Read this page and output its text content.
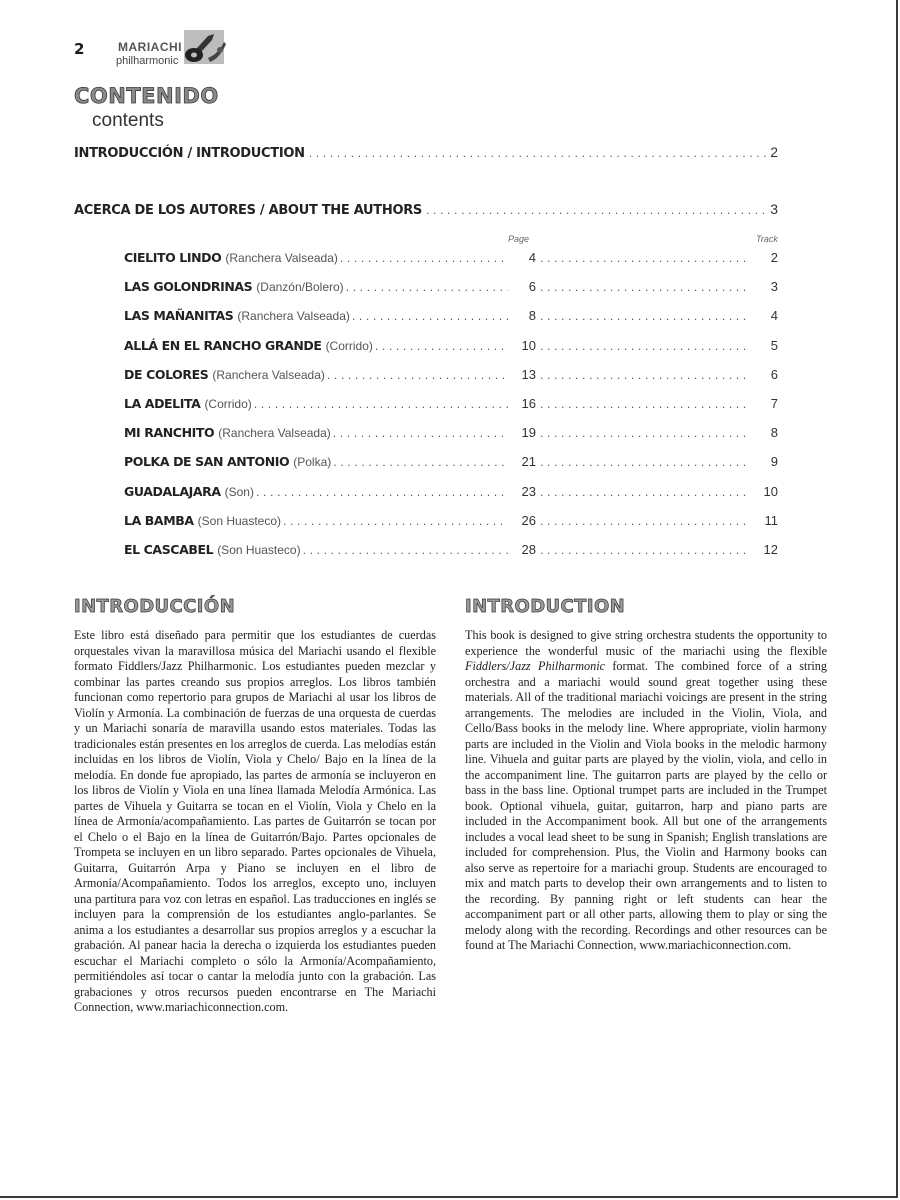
2	MARIACHI
philharmonic
CONTENIDO
contents
INTRODUCCIÓN / INTRODUCTION . . .	2
ACERCA DE LOS AUTORES / ABOUT THE AUTHORS . . .	3
Page	Track
CIELITO LINDO (Ranchera Valseada) . . .	4 . . .	2
LAS GOLONDRINAS (Danzón/Bolero) . . .	6 . . .	3
LAS MAÑANITAS (Ranchera Valseada) . . .	8 . . .	4
ALLÁ EN EL RANCHO GRANDE (Corrido) . . .	10 . . .	5
DE COLORES (Ranchera Valseada) . . .	13 . . .	6
LA ADELITA (Corrido) . . .	16 . . .	7
MI RANCHITO (Ranchera Valseada) . . .	19 . . .	8
POLKA DE SAN ANTONIO (Polka) . . .	21 . . .	9
GUADALAJARA (Son) . . .	23 . . .	10
LA BAMBA (Son Huasteco) . . .	26 . . .	11
EL CASCABEL (Son Huasteco) . . .	28 . . .	12
INTRODUCCIÓN
Este libro está diseñado para permitir que los estudiantes de cuerdas orquestales vivan la maravillosa música del Mariachi usando el flexible formato Fiddlers/Jazz Philharmonic. Los estudiantes pueden mezclar y combinar las partes creando sus propios arreglos. Los libros también funcionan como repertorio para grupos de Mariachi al usar los libros de Violín y Armonía. La combinación de fuerzas de una orquesta de cuerdas y un Mariachi sonaría de maravilla usando estos materiales. Todas las tradicionales están presentes en los arreglos de cuerda. Las melodías están incluidas en los libros de Violín, Viola y Chelo/ Bajo en la línea de la melodía. En donde fue apropiado, las partes de armonía se incluyeron en los libros de Violín y Viola en una línea llamada Melodía Armónica. Las partes de Vihuela y Guitarra se tocan en el Violín, Viola y Chelo en la línea de Armonía/acompañamiento. Las partes de Guitarrón se tocan por el Chelo o el Bajo en la línea de Guitarrón/Bajo. Partes opcionales de Trompeta se incluyen en un libro separado. Partes opcionales de Vihuela, Guitarra, Guitarrón Arpa y Piano se incluyen en el libro de Armonía/Acompañamiento. Todos los arreglos, excepto uno, incluyen una partitura para voz con letras en español. Las traducciones en inglés se incluyen para la comprensión de los estudiantes anglo-parlantes. Se anima a los estudiantes a desarrollar sus propios arreglos y a escuchar la grabación. Al panear hacia la derecha o izquierda los estudiantes pueden escuchar el Mariachi completo o sólo la Armonía/Acompañamiento, permitiéndoles así tocar o cantar la melodía junto con la grabación. Las grabaciones y otros recursos pueden encontrarse en The Mariachi Connection, www.mariachiconnection.com.
INTRODUCTION
This book is designed to give string orchestra students the opportunity to experience the wonderful music of the mariachi using the flexible Fiddlers/Jazz Philharmonic format. The combined force of a string orchestra and a mariachi would sound great together using these materials. All of the traditional mariachi voicings are present in the string arrangements. The melodies are included in the Violin, Viola, and Cello/Bass books in the melody line. Where appropriate, violin harmony parts are included in the Violin and Viola books in the melodic harmony line. Vihuela and guitar parts are played by the violin, viola, and cello in the accompaniment line. The guitarron parts are played by the cello or bass in the bass line. Optional trumpet parts are included in the Trumpet book. Optional vihuela, guitar, guitarron, harp and piano parts are included in the Accompaniment book. All but one of the arrangements includes a vocal lead sheet to be sung in Spanish; English translations are included for comprehension. Plus, the Violin and Harmony books can also serve as repertoire for a mariachi group. Students are encouraged to mix and match parts to develop their own arrangements and to listen to the recording. By panning right or left students can hear the accompaniment part or all other parts, allowing them to play or sing the melody along with the recording. Recordings and other resources can be found at The Mariachi Connection, www.mariachiconnection.com.
